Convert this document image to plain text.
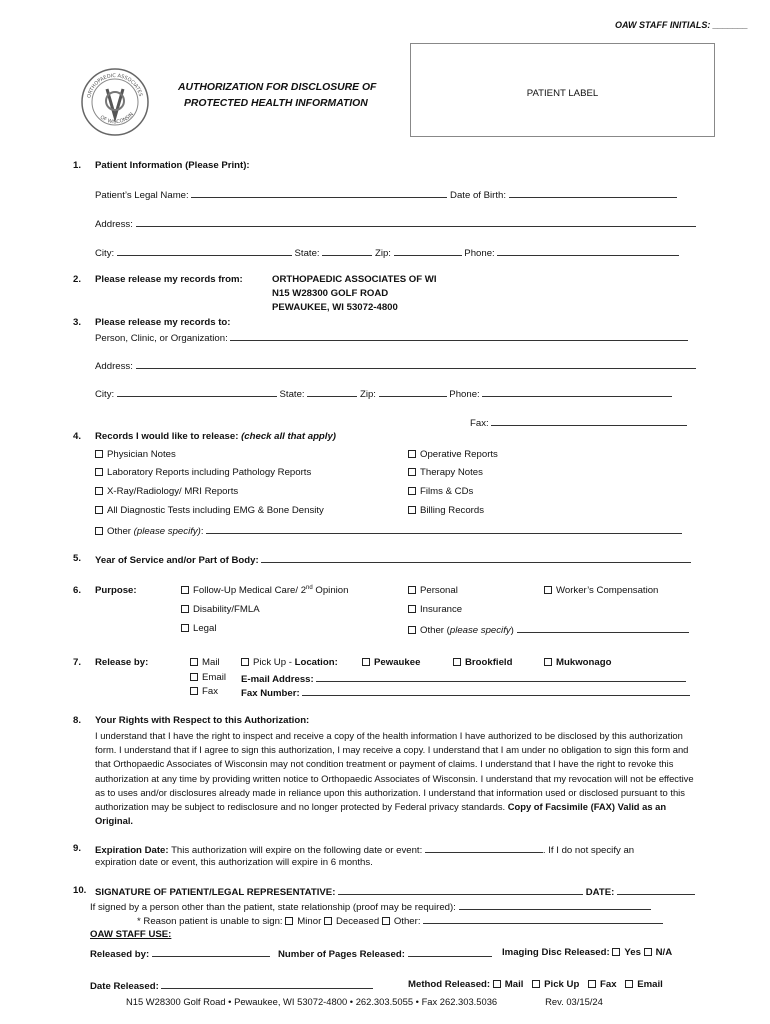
OAW STAFF INITIALS: _______
ORTHOPAEDIC ASSOCIATES
OF WISCONSIN
AUTHORIZATION FOR DISCLOSURE OF
PROTECTED HEALTH INFORMATION
PATIENT LABEL
1. Patient Information (Please Print):
Patient’s Legal Name:	Date of Birth:
Address:
City:	State:	Zip:	Phone:
2. Please release my records from:	ORTHOPAEDIC ASSOCIATES OF WI
N15 W28300 GOLF ROAD
PEWAUKEE, WI 53072-4800
3. Please release my records to:
Person, Clinic, or Organization:
Address:
City:	State:	Zip:	Phone:
Fax:
4. Records I would like to release: (check all that apply)
Physician Notes
Laboratory Reports including Pathology Reports
X-Ray/Radiology/ MRI Reports
All Diagnostic Tests including EMG & Bone Density
Operative Reports
Therapy Notes
Films & CDs
Billing Records
Other (please specify):
5. Year of Service and/or Part of Body:
6. Purpose:	Follow-Up Medical Care/ 2nd Opinion
Disability/FMLA
Legal
Personal
Insurance
Other (please specify)
Worker’s Compensation
7. Release by:	Mail
Email
Fax
Pick Up - Location:	Pewaukee	Brookfield	Mukwonago
E-mail Address:
Fax Number:
8. Your Rights with Respect to this Authorization:
I understand that I have the right to inspect and receive a copy of the health information I have authorized to be disclosed by this authorization form. I understand that if I agree to sign this authorization, I may receive a copy. I understand that I am under no obligation to sign this form and that Orthopaedic Associates of Wisconsin may not condition treatment or payment of claims. I understand that I have the right to revoke this authorization at any time by providing written notice to Orthopaedic Associates of Wisconsin. I understand that my revocation will not be effective as to uses and/or disclosures already made in reliance upon this authorization. I understand that information used or disclosed pursuant to this authorization may be subject to redisclosure and no longer protected by Federal privacy standards. Copy of Facsimile (FAX) Valid as an Original.
9. Expiration Date: This authorization will expire on the following date or event:	. If I do not specify an
expiration date or event, this authorization will expire in 6 months.
10. SIGNATURE OF PATIENT/LEGAL REPRESENTATIVE:	DATE:
If signed by a person other than the patient, state relationship (proof may be required):
* Reason patient is unable to sign: Minor Deceased Other:
OAW STAFF USE:
Released by:	Number of Pages Released:	Imaging Disc Released: Yes N/A
Date Released:	Method Released: Mail Pick Up Fax Email
N15 W28300 Golf Road • Pewaukee, WI 53072-4800 • 262.303.5055 • Fax 262.303.5036	Rev. 03/15/24
